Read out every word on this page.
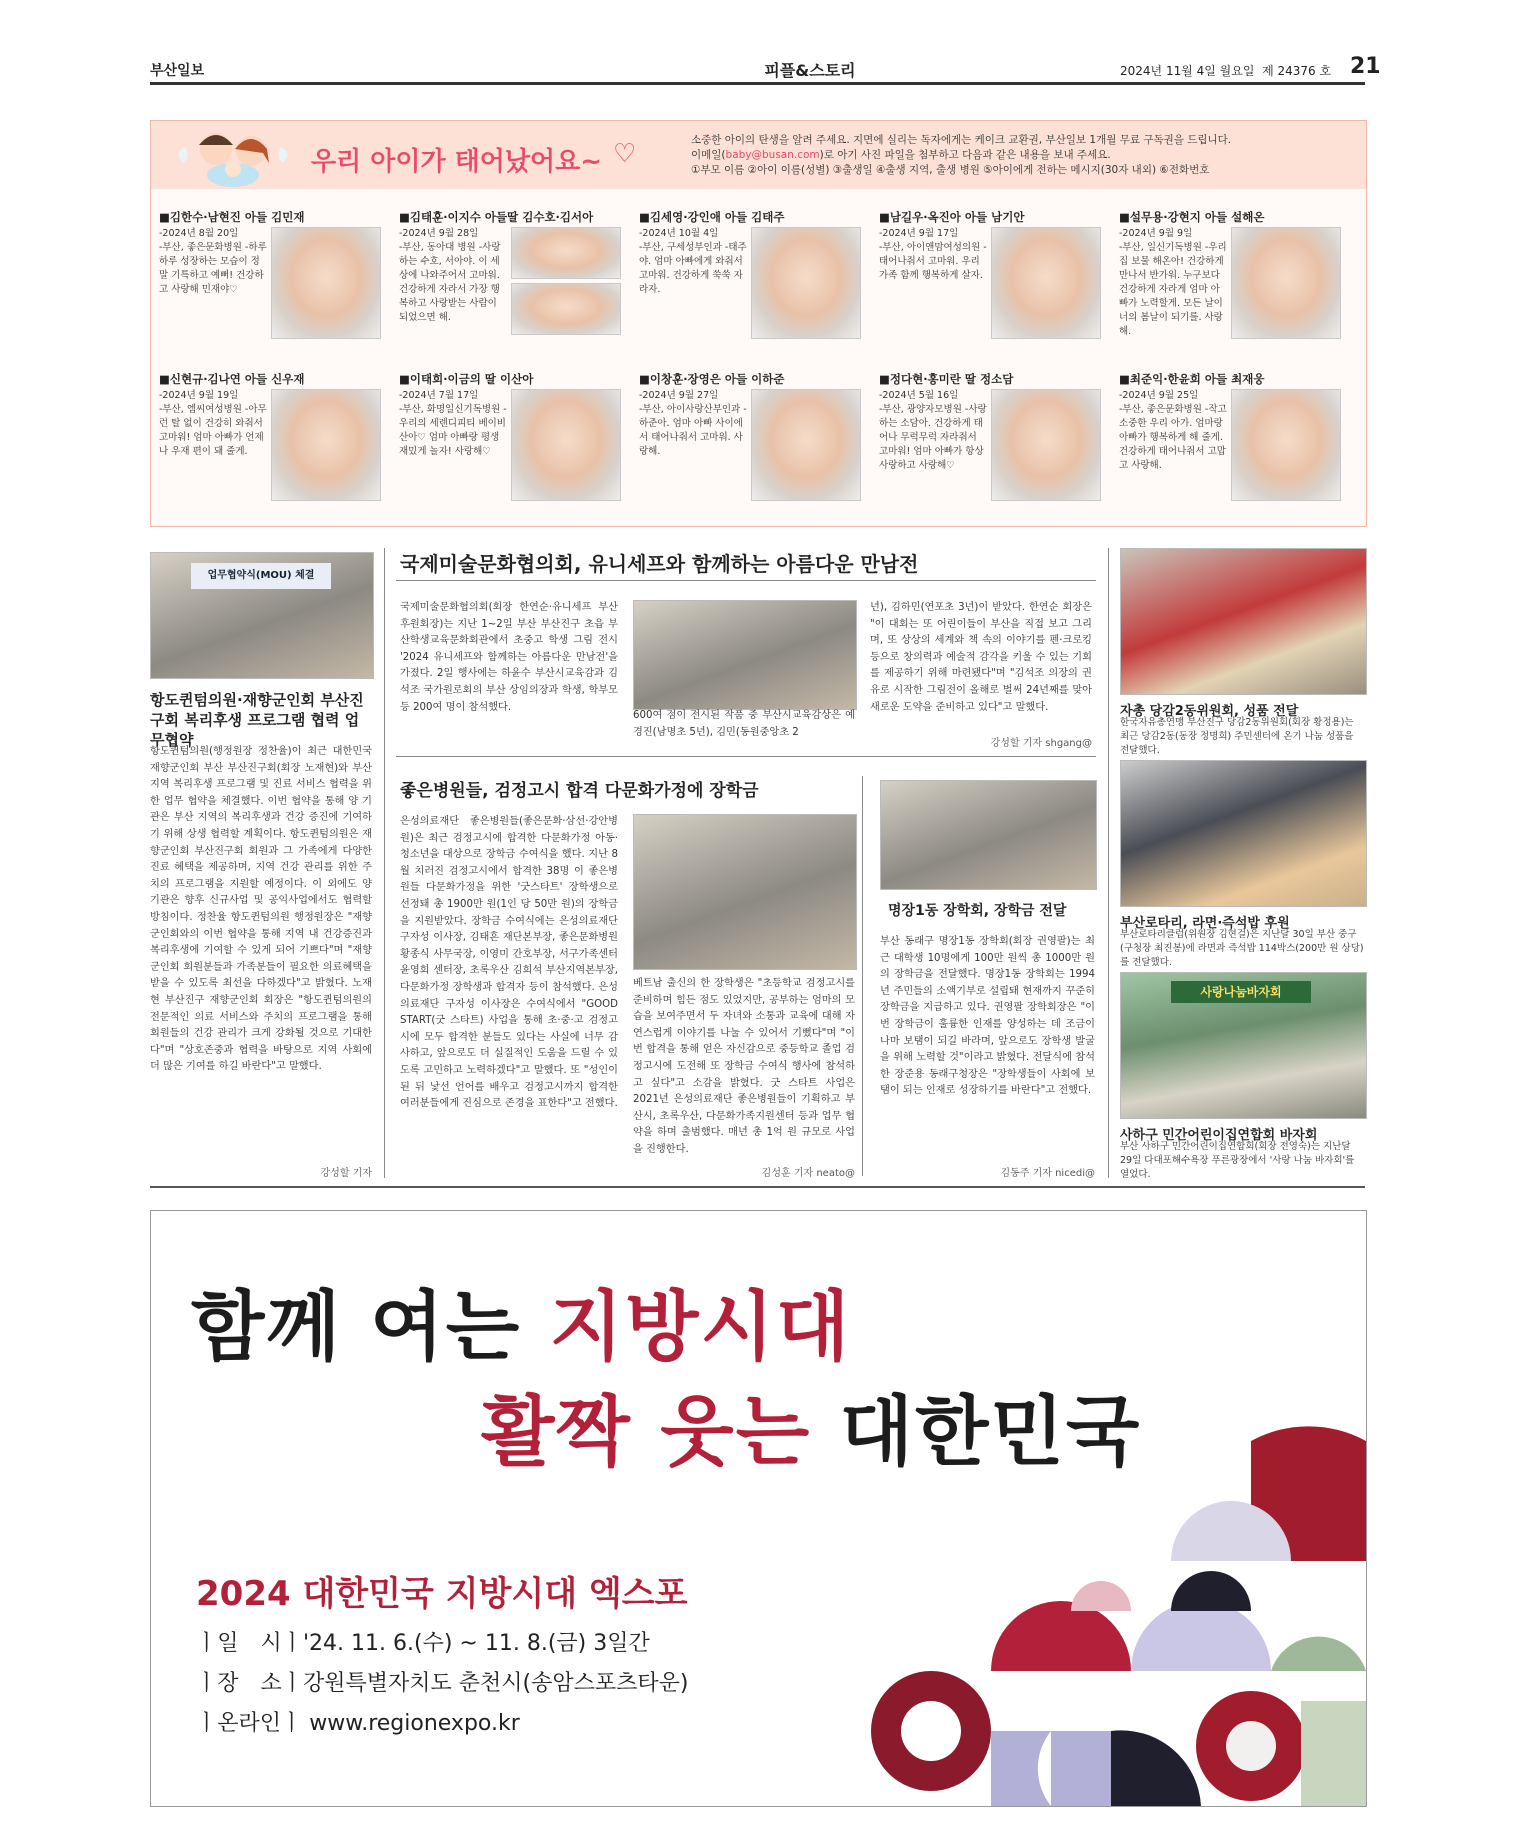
부산일보	피플&스토리	2024년 11월 4일 월요일 제 24376 호 21
우리 아이가 태어났어요~ ♡	소중한 아이의 탄생을 알려 주세요. 지면에 실리는 독자에게는 케이크 교환권, 부산일보 1개월 무료 구독권을 드립니다.
이메일(baby@busan.com)로 아기 사진 파일을 첨부하고 다음과 같은 내용을 보내 주세요.
①부모 이름 ②아이 이름(성별) ③출생일 ④출생 지역, 출생 병원 ⑤아이에게 전하는 메시지(30자 내외) ⑥전화번호
■김한수·남현진 아들 김민재
-2024년 8월 20일
-부산, 좋은문화병원 -하루하루 성장하는 모습이 정말 기특하고 예뻐! 건강하고 사랑해 민재야♡
■김태훈·이지수 아들딸 김수호·김서아
-2024년 9월 28일
-부산, 동아대 병원 -사랑하는 수호, 서아야. 이 세상에 나와주어서 고마워. 건강하게 자라서 가장 행복하고 사랑받는 사람이 되었으면 해.
■김세영·강인애 아들 김태주
-2024년 10월 4일
-부산, 구세성부인과 -태주야. 엄마 아빠에게 와줘서 고마워. 건강하게 쑥쑥 자라자.
■남길우·옥진아 아들 남기안
-2024년 9월 17일
-부산, 아이앤맘여성의원 -태어나줘서 고마워. 우리 가족 함께 행복하게 살자.
■설무용·강현지 아들 설해온
-2024년 9월 9일
-부산, 일신기독병원 -우리집 보물 해온아! 건강하게 만나서 반가워. 누구보다 건강하게 자라게 엄마 아빠가 노력할게. 모든 날이 너의 봄날이 되기를. 사랑해.
■신현규·김나연 아들 신우재
-2024년 9월 19일
-부산, 엠씨여성병원 -아무런 탈 없이 건강히 와줘서 고마워! 엄마 아빠가 언제나 우재 편이 돼 줄게.
■이태희·이금의 딸 이산아
-2024년 7월 17일
-부산, 화명일신기독병원 -우리의 세렌디피티 베이비 산아♡ 엄마 아빠랑 평생 재밌게 놀자! 사랑해♡
■이창훈·장영은 아들 이하준
-2024년 9월 27일
-부산, 아이사랑산부인과 -하준아. 엄마 아빠 사이에서 태어나줘서 고마워. 사랑해.
■정다현·홍미란 딸 정소담
-2024년 5월 16일
-부산, 광양자모병원 -사랑하는 소담아. 건강하게 태어나 무럭무럭 자라줘서 고마워! 엄마 아빠가 항상 사랑하고 사랑해♡
■최준익·한윤희 아들 최재웅
-2024년 9월 25일
-부산, 좋은문화병원 -작고 소중한 우리 아가. 엄마랑 아빠가 행복하게 해 줄게. 건강하게 태어나줘서 고맙고 사랑해.
업무협약식(MOU) 체결
항도퀸텀의원·재향군인회 부산진구회 복리후생 프로그램 협력 업무협약
항도퀸텀의원(행정원장 정찬율)이 최근 대한민국 재향군인회 부산 부산진구회(회장 노재현)와 부산 지역 복리후생 프로그램 및 진료 서비스 협력을 위한 업무 협약을 체결했다. 이번 협약을 통해 양 기관은 부산 지역의 복리후생과 건강 증진에 기여하기 위해 상생 협력할 계획이다. 항도퀸텀의원은 재향군인회 부산진구회 회원과 그 가족에게 다양한 진료 혜택을 제공하며, 지역 건강 관리를 위한 주치의 프로그램을 지원할 예정이다. 이 외에도 양 기관은 향후 신규사업 및 공익사업에서도 협력할 방침이다. 정찬율 항도퀸텀의원 행정원장은 "재향군인회와의 이번 협약을 통해 지역 내 건강증진과 복리후생에 기여할 수 있게 되어 기쁘다"며 "재향군인회 회원분들과 가족분들이 필요한 의료혜택을 받을 수 있도록 최선을 다하겠다"고 밝혔다. 노재현 부산진구 재향군인회 회장은 "항도퀸텀의원의 전문적인 의료 서비스와 주치의 프로그램을 통해 회원들의 건강 관리가 크게 강화될 것으로 기대한다"며 "상호존중과 협력을 바탕으로 지역 사회에 더 많은 기여를 하길 바란다"고 말했다.
강성할 기자
국제미술문화협의회, 유니세프와 함께하는 아름다운 만남전
국제미술문화협의회(회장 한연순·유니세프 부산 후원회장)는 지난 1~2일 부산 부산진구 초읍 부산학생교육문화회관에서 초중고 학생 그림 전시 '2024 유니세프와 함께하는 아름다운 만남전'을 가졌다. 2일 행사에는 하윤수 부산시교육감과 김석조 국가원로회의 부산 상임의장과 학생, 학부모 등 200여 명이 참석했다.
600여 점이 전시된 작품 중 부산시교육감상은 예경진(남명초 5년), 김민(동원중앙초 2
년), 김하민(연포초 3년)이 받았다. 한연순 회장은 "이 대회는 또 어린이들이 부산을 직접 보고 그리며, 또 상상의 세계와 책 속의 이야기를 펜·크로킹 등으로 창의력과 예술적 감각을 키울 수 있는 기회를 제공하기 위해 마련됐다"며 "김석조 의장의 권유로 시작한 그림전이 올해로 벌써 24년째를 맞아 새로운 도약을 준비하고 있다"고 말했다.
강성할 기자 shgang@
좋은병원들, 검정고시 합격 다문화가정에 장학금
은성의료재단 좋은병원들(좋은문화·삼선·강안병원)은 최근 검정고시에 합격한 다문화가정 아동·청소년을 대상으로 장학금 수여식을 했다. 지난 8월 치러진 검정고시에서 합격한 38명 이 좋은병원들 다문화가정을 위한 '굿스타트' 장학생으로 선정돼 총 1900만 원(1인 당 50만 원)의 장학금을 지원받았다. 장학금 수여식에는 은성의료재단 구자성 이사장, 김태흔 재단본부장, 좋은문화병원 황종식 사무국장, 이영미 간호부장, 서구가족센터 윤영희 센터장, 초록우산 김희석 부산지역본부장, 다문화가정 장학생과 합격자 등이 참석했다. 은성의료재단 구자성 이사장은 수여식에서 "GOOD START(굿 스타트) 사업을 통해 초·중·고 검정고시에 모두 합격한 분들도 있다는 사실에 너무 감사하고, 앞으로도 더 실질적인 도움을 드릴 수 있도록 고민하고 노력하겠다"고 말했다. 또 "성인이 된 뒤 낯선 언어를 배우고 검정고시까지 합격한 여러분들에게 진심으로 존경을 표한다"고 전했다.
베트남 출신의 한 장학생은 "초등학교 검정고시를 준비하며 힘든 점도 있었지만, 공부하는 엄마의 모습을 보여주면서 두 자녀와 소통과 교육에 대해 자연스럽게 이야기를 나눌 수 있어서 기뻤다"며 "이번 합격을 통해 얻은 자신감으로 중등학교 졸업 검정고시에 도전해 또 장학금 수여식 행사에 참석하고 싶다"고 소감을 밝혔다. 굿 스타트 사업은 2021년 은성의료재단 좋은병원들이 기획하고 부산시, 초록우산, 다문화가족지원센터 등과 업무 협약을 하며 출범했다. 매년 총 1억 원 규모로 사업을 진행한다.
김성훈 기자 neato@
명장1동 장학회, 장학금 전달
부산 동래구 명장1동 장학회(회장 권영팔)는 최근 대학생 10명에게 100만 원씩 총 1000만 원의 장학금을 전달했다. 명장1동 장학회는 1994년 주민들의 소액기부로 설립돼 현재까지 꾸준히 장학금을 지급하고 있다. 권영팔 장학회장은 "이번 장학금이 훌륭한 인재를 양성하는 데 조금이나마 보탬이 되길 바라며, 앞으로도 장학생 발굴을 위해 노력할 것"이라고 밝혔다. 전달식에 참석한 장준용 동래구청장은 "장학생들이 사회에 보탬이 되는 인재로 성장하기를 바란다"고 전했다.
김동주 기자 nicedi@
자총 당감2동위원회, 성품 전달
한국자유총연맹 부산진구 당감2동위원회(회장 황정용)는 최근 당감2동(동장 정명희) 주민센터에 온기 나눔 성품을 전달했다.
부산로타리, 라면·즉석밥 후원
부산로타리클럽(위원장 김현걸)은 지난달 30일 부산 중구(구청장 최진봉)에 라면과 즉석밥 114박스(200만 원 상당)를 전달했다.
사랑나눔바자회
사하구 민간어린이집연합회 바자회
부산 사하구 민간어린이집연합회(회장 전영숙)는 지난달 29일 다대포해수욕장 푸른광장에서 '사랑 나눔 바자회'를 열었다.
함께 여는 지방시대
활짝 웃는 대한민국
2024 대한민국 지방시대 엑스포
ㅣ일　시ㅣ'24. 11. 6.(수) ~ 11. 8.(금) 3일간
ㅣ장　소ㅣ강원특별자치도 춘천시(송암스포츠타운)
ㅣ온라인ㅣ www.regionexpo.kr
